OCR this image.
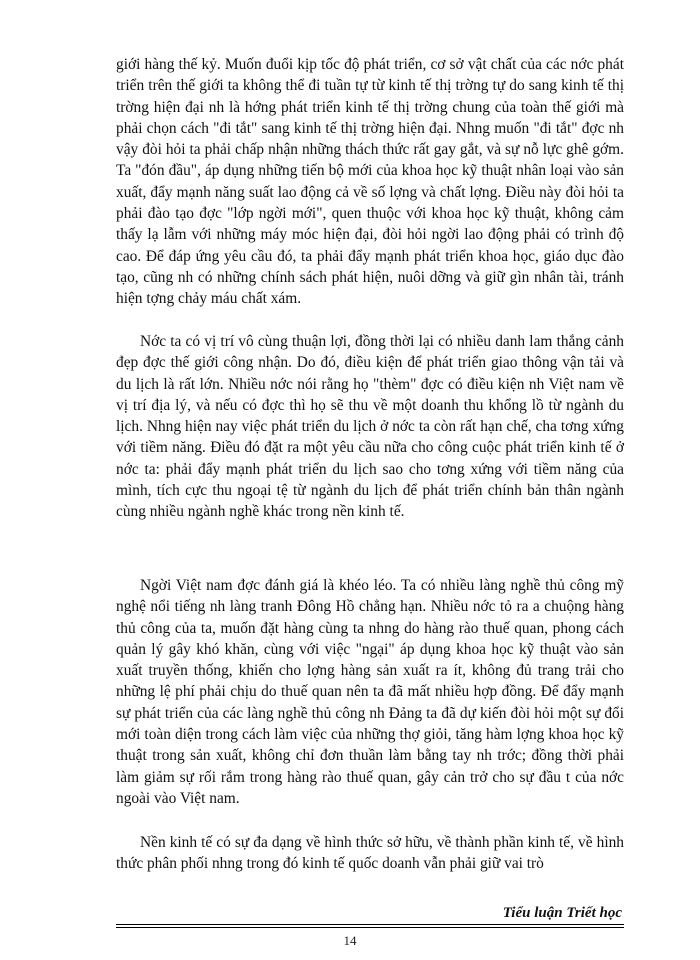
giới hàng thế kỷ. Muốn đuổi kịp tốc độ phát triển, cơ sở vật chất của các nớc phát triển trên thế giới ta không thể đi tuần tự từ kinh tế thị trờng tự do sang kinh tế thị trờng hiện đại nh là hớng phát triển kinh tế thị trờng chung của toàn thế giới mà phải chọn cách "đi tắt" sang kinh tế thị trờng hiện đại. Nhng muốn "đi tắt" đợc nh vậy đòi hỏi ta phải chấp nhận những thách thức rất gay gắt, và sự nỗ lực ghê gớm. Ta "đón đầu", áp dụng những tiến bộ mới của khoa học kỹ thuật nhân loại vào sản xuất, đẩy mạnh năng suất lao động cả về số lợng và chất lợng. Điều này đòi hỏi ta phải đào tạo đợc "lớp ngời mới", quen thuộc với khoa học kỹ thuật, không cảm thấy lạ lẫm với những máy móc hiện đại, đòi hỏi ngời lao động phải có trình độ cao. Để đáp ứng yêu cầu đó, ta phải đẩy mạnh phát triển khoa học, giáo dục đào tạo, cũng nh có những chính sách phát hiện, nuôi dỡng và giữ gìn nhân tài, tránh hiện tợng chảy máu chất xám.

Nớc ta có vị trí vô cùng thuận lợi, đồng thời lại có nhiều danh lam thắng cảnh đẹp đợc thế giới công nhận. Do đó, điều kiện để phát triển giao thông vận tải và du lịch là rất lớn. Nhiều nớc nói rằng họ "thèm" đợc có điều kiện nh Việt nam về vị trí địa lý, và nếu có đợc thì họ sẽ thu về một doanh thu khổng lồ từ ngành du lịch. Nhng hiện nay việc phát triển du lịch ở nớc ta còn rất hạn chế, cha tơng xứng với tiềm năng. Điều đó đặt ra một yêu cầu nữa cho công cuộc phát triển kinh tế ở nớc ta: phải đẩy mạnh phát triển du lịch sao cho tơng xứng với tiềm năng của mình, tích cực thu ngoại tệ từ ngành du lịch để phát triển chính bản thân ngành cùng nhiều ngành nghề khác trong nền kinh tế.

Ngời Việt nam đợc đánh giá là khéo léo. Ta có nhiều làng nghề thủ công mỹ nghệ nổi tiếng nh làng tranh Đông Hồ chẳng hạn. Nhiều nớc tỏ ra a chuộng hàng thủ công của ta, muốn đặt hàng cùng ta nhng do hàng rào thuế quan, phong cách quản lý gây khó khăn, cùng với việc "ngại" áp dụng khoa học kỹ thuật vào sản xuất truyền thống, khiến cho lợng hàng sản xuất ra ít, không đủ trang trải cho những lệ phí phải chịu do thuế quan nên ta đã mất nhiều hợp đồng. Để đẩy mạnh sự phát triển của các làng nghề thủ công nh Đảng ta đã dự kiến đòi hỏi một sự đổi mới toàn diện trong cách làm việc của những thợ giỏi, tăng hàm lợng khoa học kỹ thuật trong sản xuất, không chỉ đơn thuần làm bằng tay nh trớc; đồng thời phải làm giảm sự rối rắm trong hàng rào thuế quan, gây cản trở cho sự đầu t của nớc ngoài vào Việt nam.

Nền kinh tế có sự đa dạng về hình thức sở hữu, về thành phần kinh tế, về hình thức phân phối nhng trong đó kinh tế quốc doanh vẫn phải giữ vai trò

Tiểu luận Triết học
14
